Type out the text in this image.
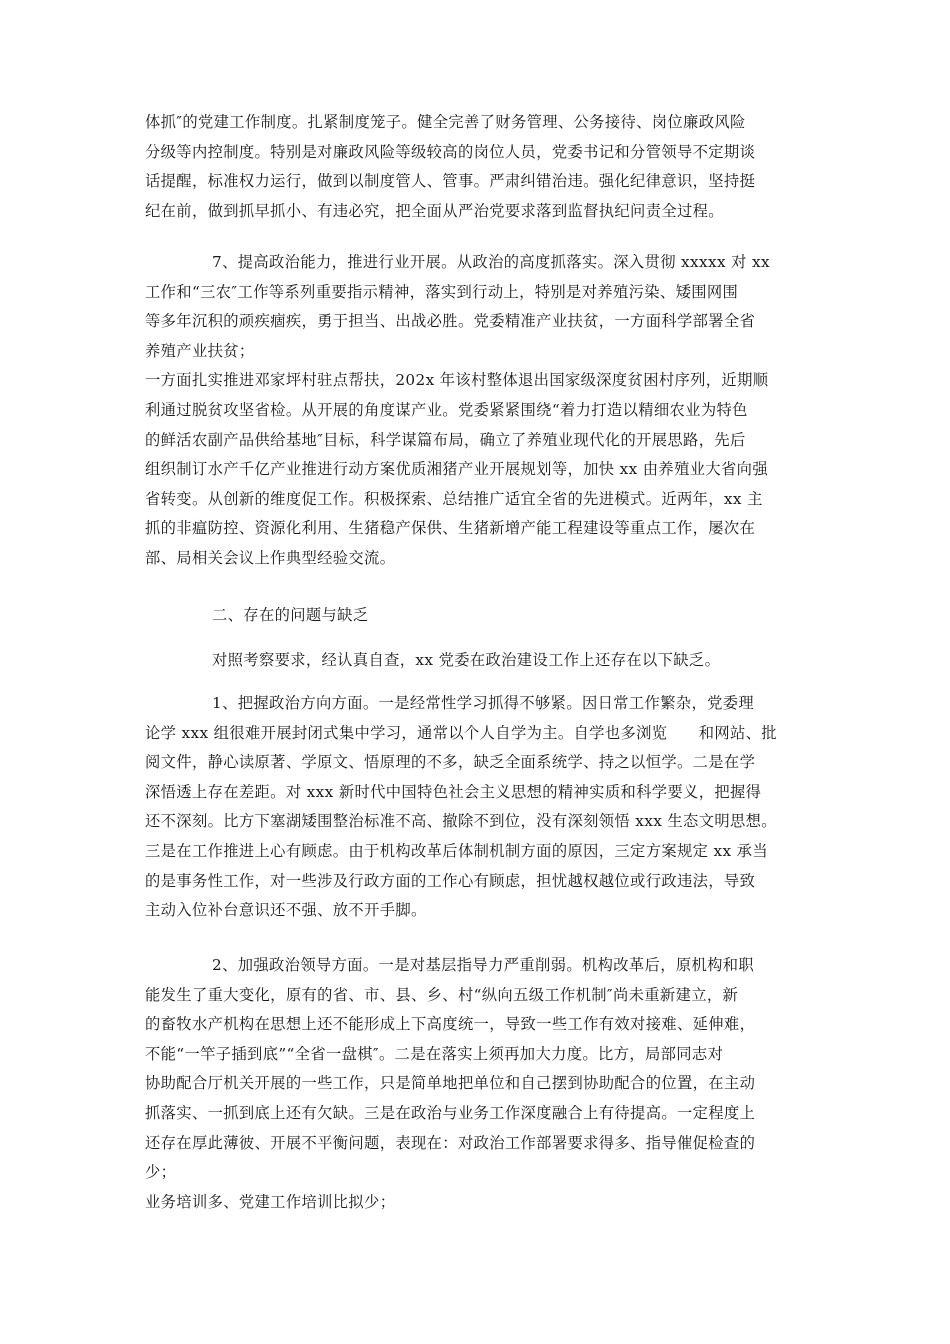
体抓″的党建工作制度。扎紧制度笼子。健全完善了财务管理、公务接待、岗位廉政风险
分级等内控制度。特别是对廉政风险等级较高的岗位人员，党委书记和分管领导不定期谈
话提醒，标准权力运行，做到以制度管人、管事。严肃纠错治违。强化纪律意识，坚持挺
纪在前，做到抓早抓小、有违必究，把全面从严治党要求落到监督执纪问责全过程。
7、提高政治能力，推进行业开展。从政治的高度抓落实。深入贯彻 xxxxx 对 xx
工作和“三农″工作等系列重要指示精神，落实到行动上，特别是对养殖污染、矮围网围
等多年沉积的顽疾痼疾，勇于担当、出战必胜。党委精准产业扶贫，一方面科学部署全省
养殖产业扶贫；
一方面扎实推进邓家坪村驻点帮扶，202x 年该村整体退出国家级深度贫困村序列，近期顺
利通过脱贫攻坚省检。从开展的角度谋产业。党委紧紧围绕“着力打造以精细农业为特色
的鲜活农副产品供给基地″目标，科学谋篇布局，确立了养殖业现代化的开展思路，先后
组织制订水产千亿产业推进行动方案优质湘猪产业开展规划等，加快 xx 由养殖业大省向强
省转变。从创新的维度促工作。积极探索、总结推广适宜全省的先进模式。近两年，xx 主
抓的非瘟防控、资源化利用、生猪稳产保供、生猪新增产能工程建设等重点工作，屡次在
部、局相关会议上作典型经验交流。
二、存在的问题与缺乏
对照考察要求，经认真自查，xx 党委在政治建设工作上还存在以下缺乏。
1、把握政治方向方面。一是经常性学习抓得不够紧。因日常工作繁杂，党委理
论学 xxx 组很难开展封闭式集中学习，通常以个人自学为主。自学也多浏览　　和网站、批
阅文件，静心读原著、学原文、悟原理的不多，缺乏全面系统学、持之以恒学。二是在学
深悟透上存在差距。对 xxx 新时代中国特色社会主义思想的精神实质和科学要义，把握得
还不深刻。比方下塞湖矮围整治标准不高、撤除不到位，没有深刻领悟 xxx 生态文明思想。
三是在工作推进上心有顾虑。由于机构改革后体制机制方面的原因，三定方案规定 xx 承当
的是事务性工作，对一些涉及行政方面的工作心有顾虑，担忧越权越位或行政违法，导致
主动入位补台意识还不强、放不开手脚。
2、加强政治领导方面。一是对基层指导力严重削弱。机构改革后，原机构和职
能发生了重大变化，原有的省、市、县、乡、村“纵向五级工作机制″尚未重新建立，新
的畜牧水产机构在思想上还不能形成上下高度统一，导致一些工作有效对接难、延伸难，
不能“一竿子插到底”“全省一盘棋″。二是在落实上须再加大力度。比方，局部同志对
协助配合厅机关开展的一些工作，只是简单地把单位和自己摆到协助配合的位置，在主动
抓落实、一抓到底上还有欠缺。三是在政治与业务工作深度融合上有待提高。一定程度上
还存在厚此薄彼、开展不平衡问题，表现在：对政治工作部署要求得多、指导催促检查的
少；
业务培训多、党建工作培训比拟少；
